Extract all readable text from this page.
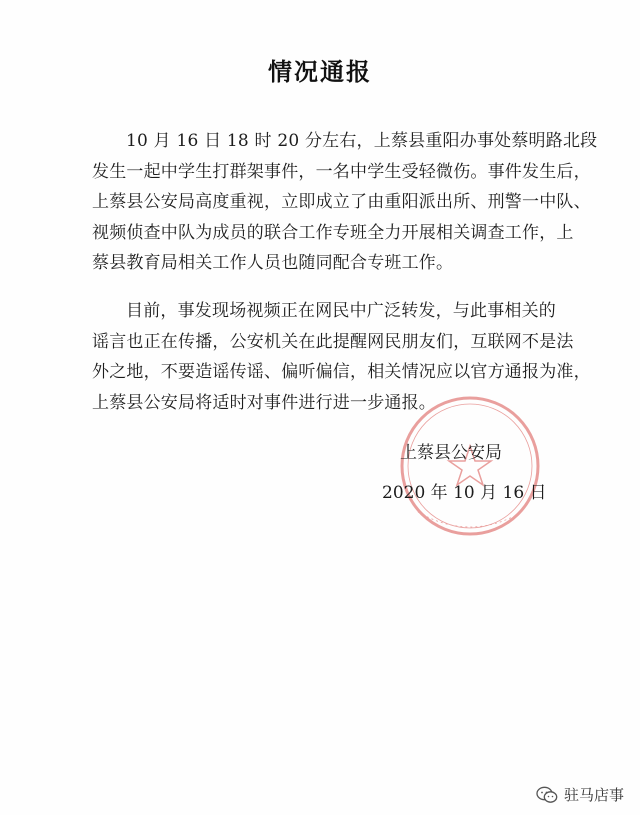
情况通报
10 月 16 日 18 时 20 分左右，上蔡县重阳办事处蔡明路北段
发生一起中学生打群架事件，一名中学生受轻微伤。事件发生后，
上蔡县公安局高度重视，立即成立了由重阳派出所、刑警一中队、
视频侦查中队为成员的联合工作专班全力开展相关调查工作，上
蔡县教育局相关工作人员也随同配合专班工作。
目前，事发现场视频正在网民中广泛转发，与此事相关的
谣言也正在传播，公安机关在此提醒网民朋友们，互联网不是法
外之地，不要造谣传谣、偏听偏信，相关情况应以官方通报为准，
上蔡县公安局将适时对事件进行进一步通报。
上蔡县公安局
2020 年 10 月 16 日
驻马店事
